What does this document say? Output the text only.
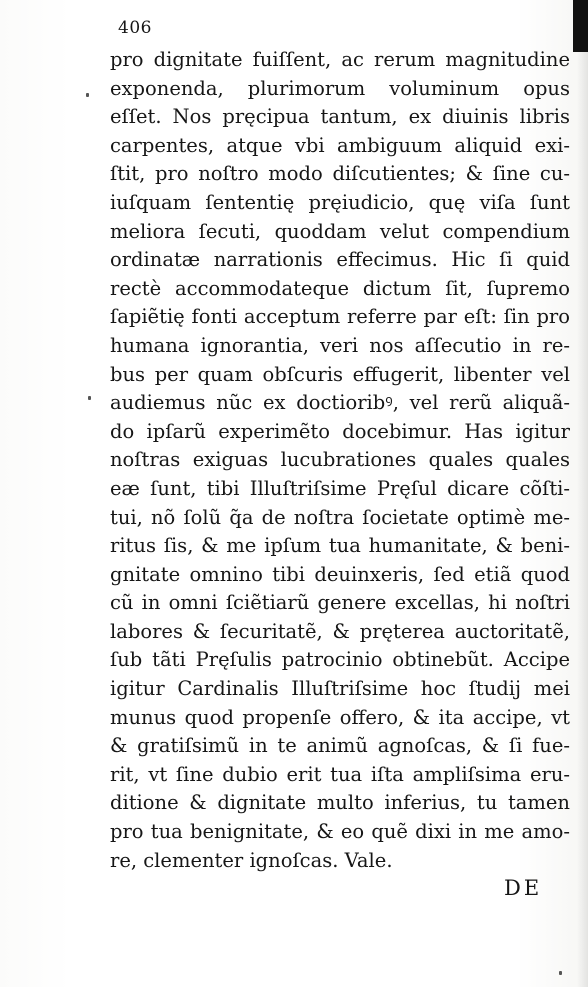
406
pro dignitate fuiſſent, ac rerum magnitudine
exponenda, plurimorum voluminum opus
eſſet. Nos pręcipua tantum, ex diuinis libris
carpentes, atque vbi ambiguum aliquid exi-
ſtit, pro noſtro modo diſcutientes; & ſine cu-
iuſquam ſententię pręiudicio, quę viſa ſunt
meliora ſecuti, quoddam velut compendium
ordinatæ narrationis effecimus. Hic ſi quid
rectè accommodateque dictum ſit, ſupremo
ſapiẽtię fonti acceptum referre par eſt: ſin pro
humana ignorantia, veri nos aſſecutio in re-
bus per quam obſcuris effugerit, libenter vel
audiemus nũc ex doctioribꝰ, vel rerũ aliquã-
do ipſarũ experimẽto docebimur. Has igitur
noſtras exiguas lucubrationes quales quales
eæ ſunt, tibi Illuſtriſsime Pręſul dicare cõſti-
tui, nõ ſolũ q̃a de noſtra ſocietate optimè me-
ritus ſis, & me ipſum tua humanitate, & beni-
gnitate omnino tibi deuinxeris, ſed etiã quod
cũ in omni ſciẽtiarũ genere excellas, hi noſtri
labores & ſecuritatẽ, & pręterea auctoritatẽ,
ſub tãti Pręſulis patrocinio obtinebũt. Accipe
igitur Cardinalis Illuſtriſsime hoc ſtudij mei
munus quod propenſe offero, & ita accipe, vt
& gratiſsimũ in te animũ agnoſcas, & ſi fue-
rit, vt ſine dubio erit tua iſta ampliſsima eru-
ditione & dignitate multo inferius, tu tamen
pro tua benignitate, & eo quẽ dixi in me amo-
re, clementer ignoſcas. Vale.
DE
